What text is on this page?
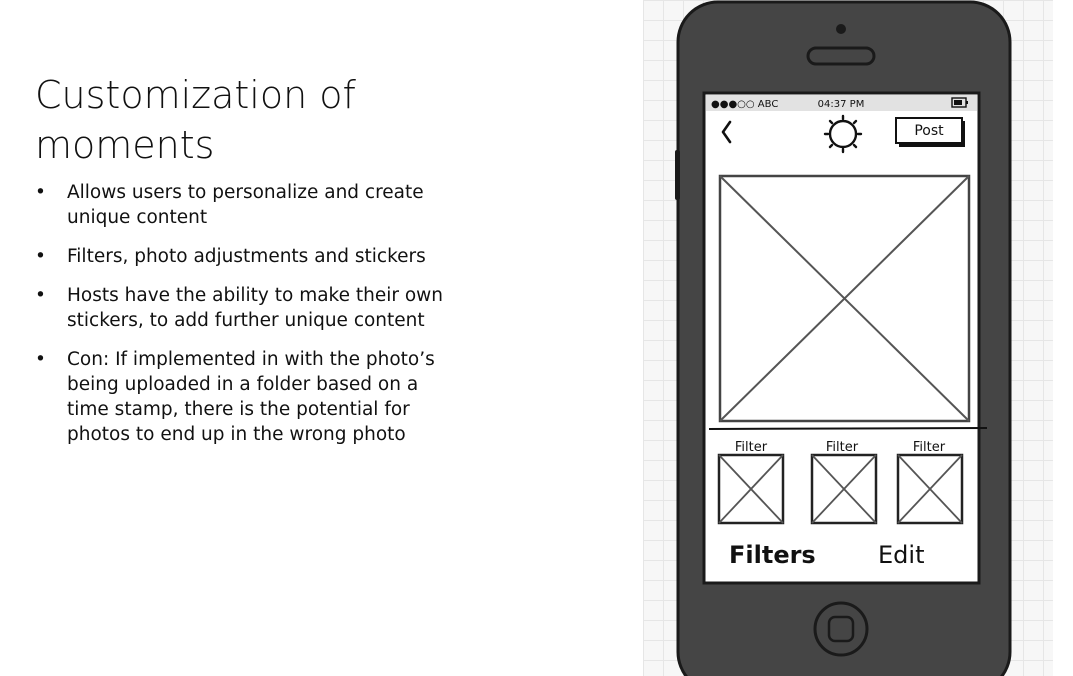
Customization of moments
• Allows users to personalize and create unique content
• Filters, photo adjustments and stickers
• Hosts have the ability to make their own stickers, to add further unique content
• Con: If implemented in with the photo’s being uploaded in a folder based on a time stamp, there is the potential for photos to end up in the wrong photo
●●●○○ ABC	04:37 PM
Post
Filter	Filter	Filter
Filters	Edit
